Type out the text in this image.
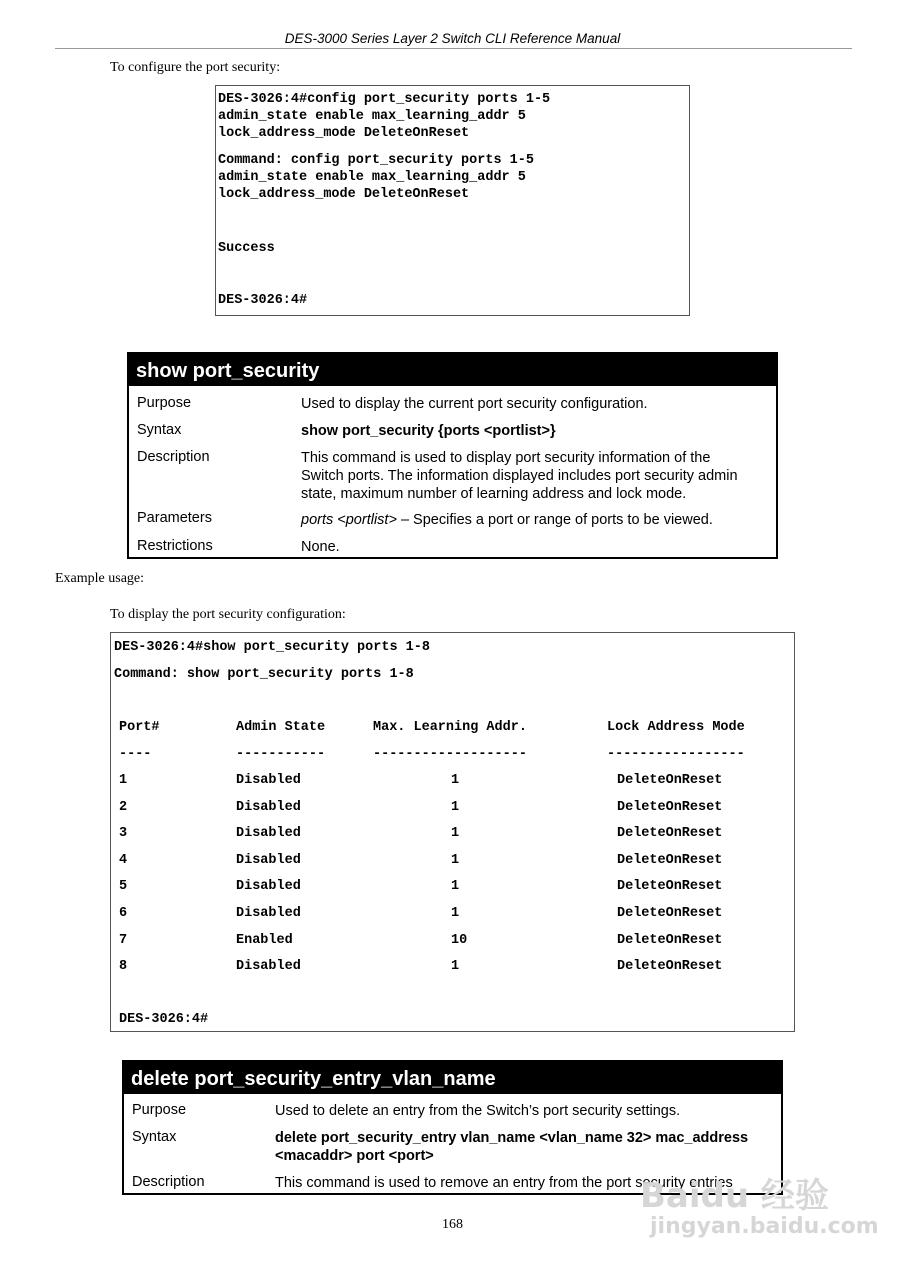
DES-3000 Series Layer 2 Switch CLI Reference Manual
To configure the port security:
DES-3026:4#config port_security ports 1-5
admin_state enable max_learning_addr 5
lock_address_mode DeleteOnReset
Command: config port_security ports 1-5
admin_state enable max_learning_addr 5
lock_address_mode DeleteOnReset
Success
DES-3026:4#
show port_security
Purpose	Used to display the current port security configuration.
Syntax	show port_security {ports <portlist>}
Description	This command is used to display port security information of the
Switch ports. The information displayed includes port security admin
state, maximum number of learning address and lock mode.
Parameters	ports <portlist> – Specifies a port or range of ports to be viewed.
Restrictions	None.
Example usage:
To display the port security configuration:
DES-3026:4#show port_security ports 1-8
Command: show port_security ports 1-8
Port#	Admin State	Max. Learning Addr.	Lock Address Mode
----	-----------	-------------------	-----------------
1	Disabled	1	DeleteOnReset
2	Disabled	1	DeleteOnReset
3	Disabled	1	DeleteOnReset
4	Disabled	1	DeleteOnReset
5	Disabled	1	DeleteOnReset
6	Disabled	1	DeleteOnReset
7	Enabled	10	DeleteOnReset
8	Disabled	1	DeleteOnReset
DES-3026:4#
delete port_security_entry_vlan_name
Purpose	Used to delete an entry from the Switch’s port security settings.
Syntax	delete port_security_entry vlan_name <vlan_name 32> mac_address
<macaddr> port <port>
Description	This command is used to remove an entry from the port security entries
168
Baidu 经验
jingyan.baidu.com
